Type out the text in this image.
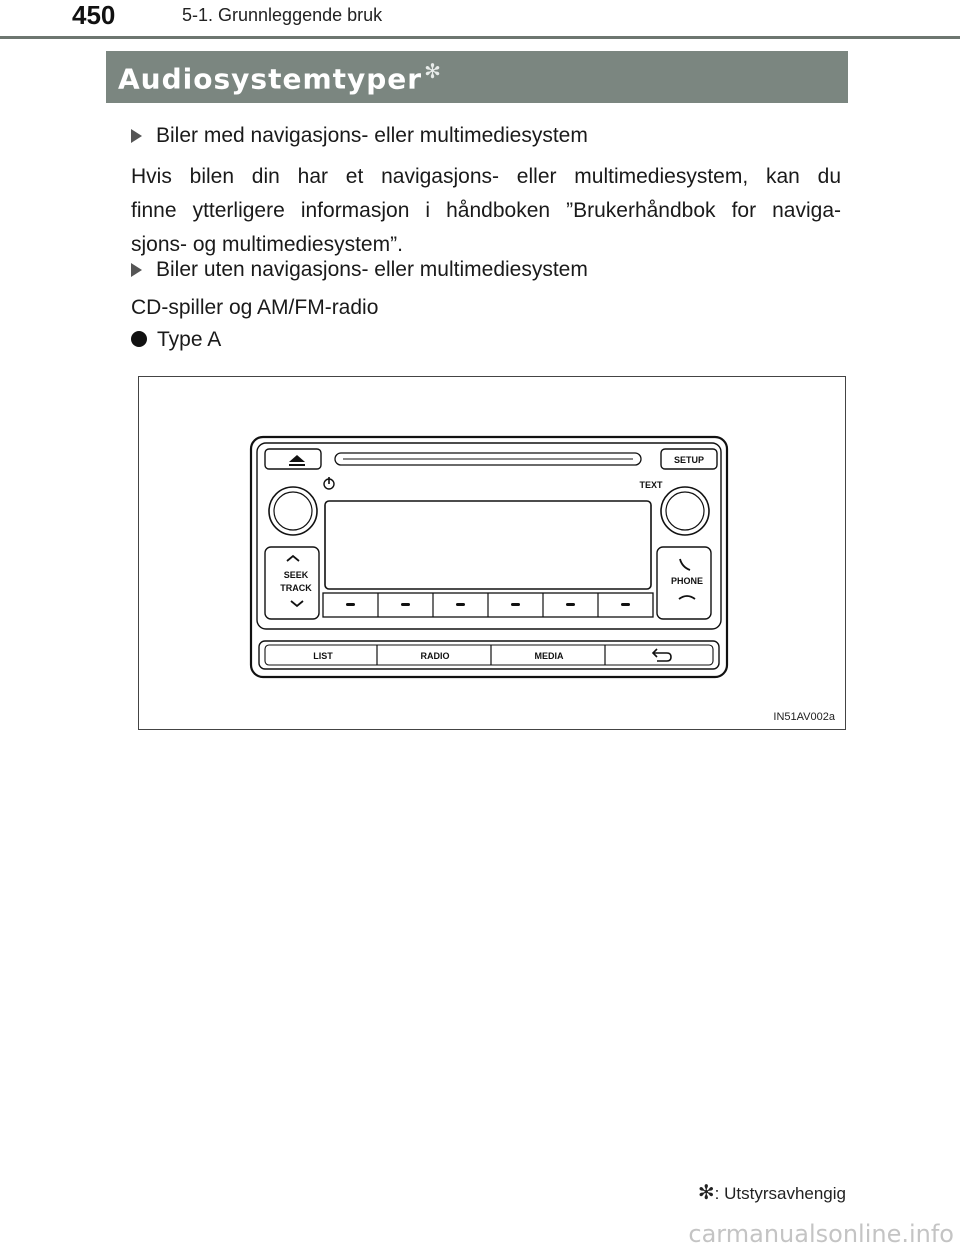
450	5-1. Grunnleggende bruk
Audiosystemtyper ✻
Biler med navigasjons- eller multimediesystem
Hvis bilen din har et navigasjons- eller multimediesystem, kan du
finne ytterligere informasjon i håndboken ”Brukerhåndbok for naviga-
sjons- og multimediesystem”.
Biler uten navigasjons- eller multimediesystem
CD-spiller og AM/FM-radio
Type A
SETUP
TEXT
SEEK
TRACK
PHONE
LIST	RADIO	MEDIA
IN51AV002a
✻: Utstyrsavhengig
carmanualsonline.info
